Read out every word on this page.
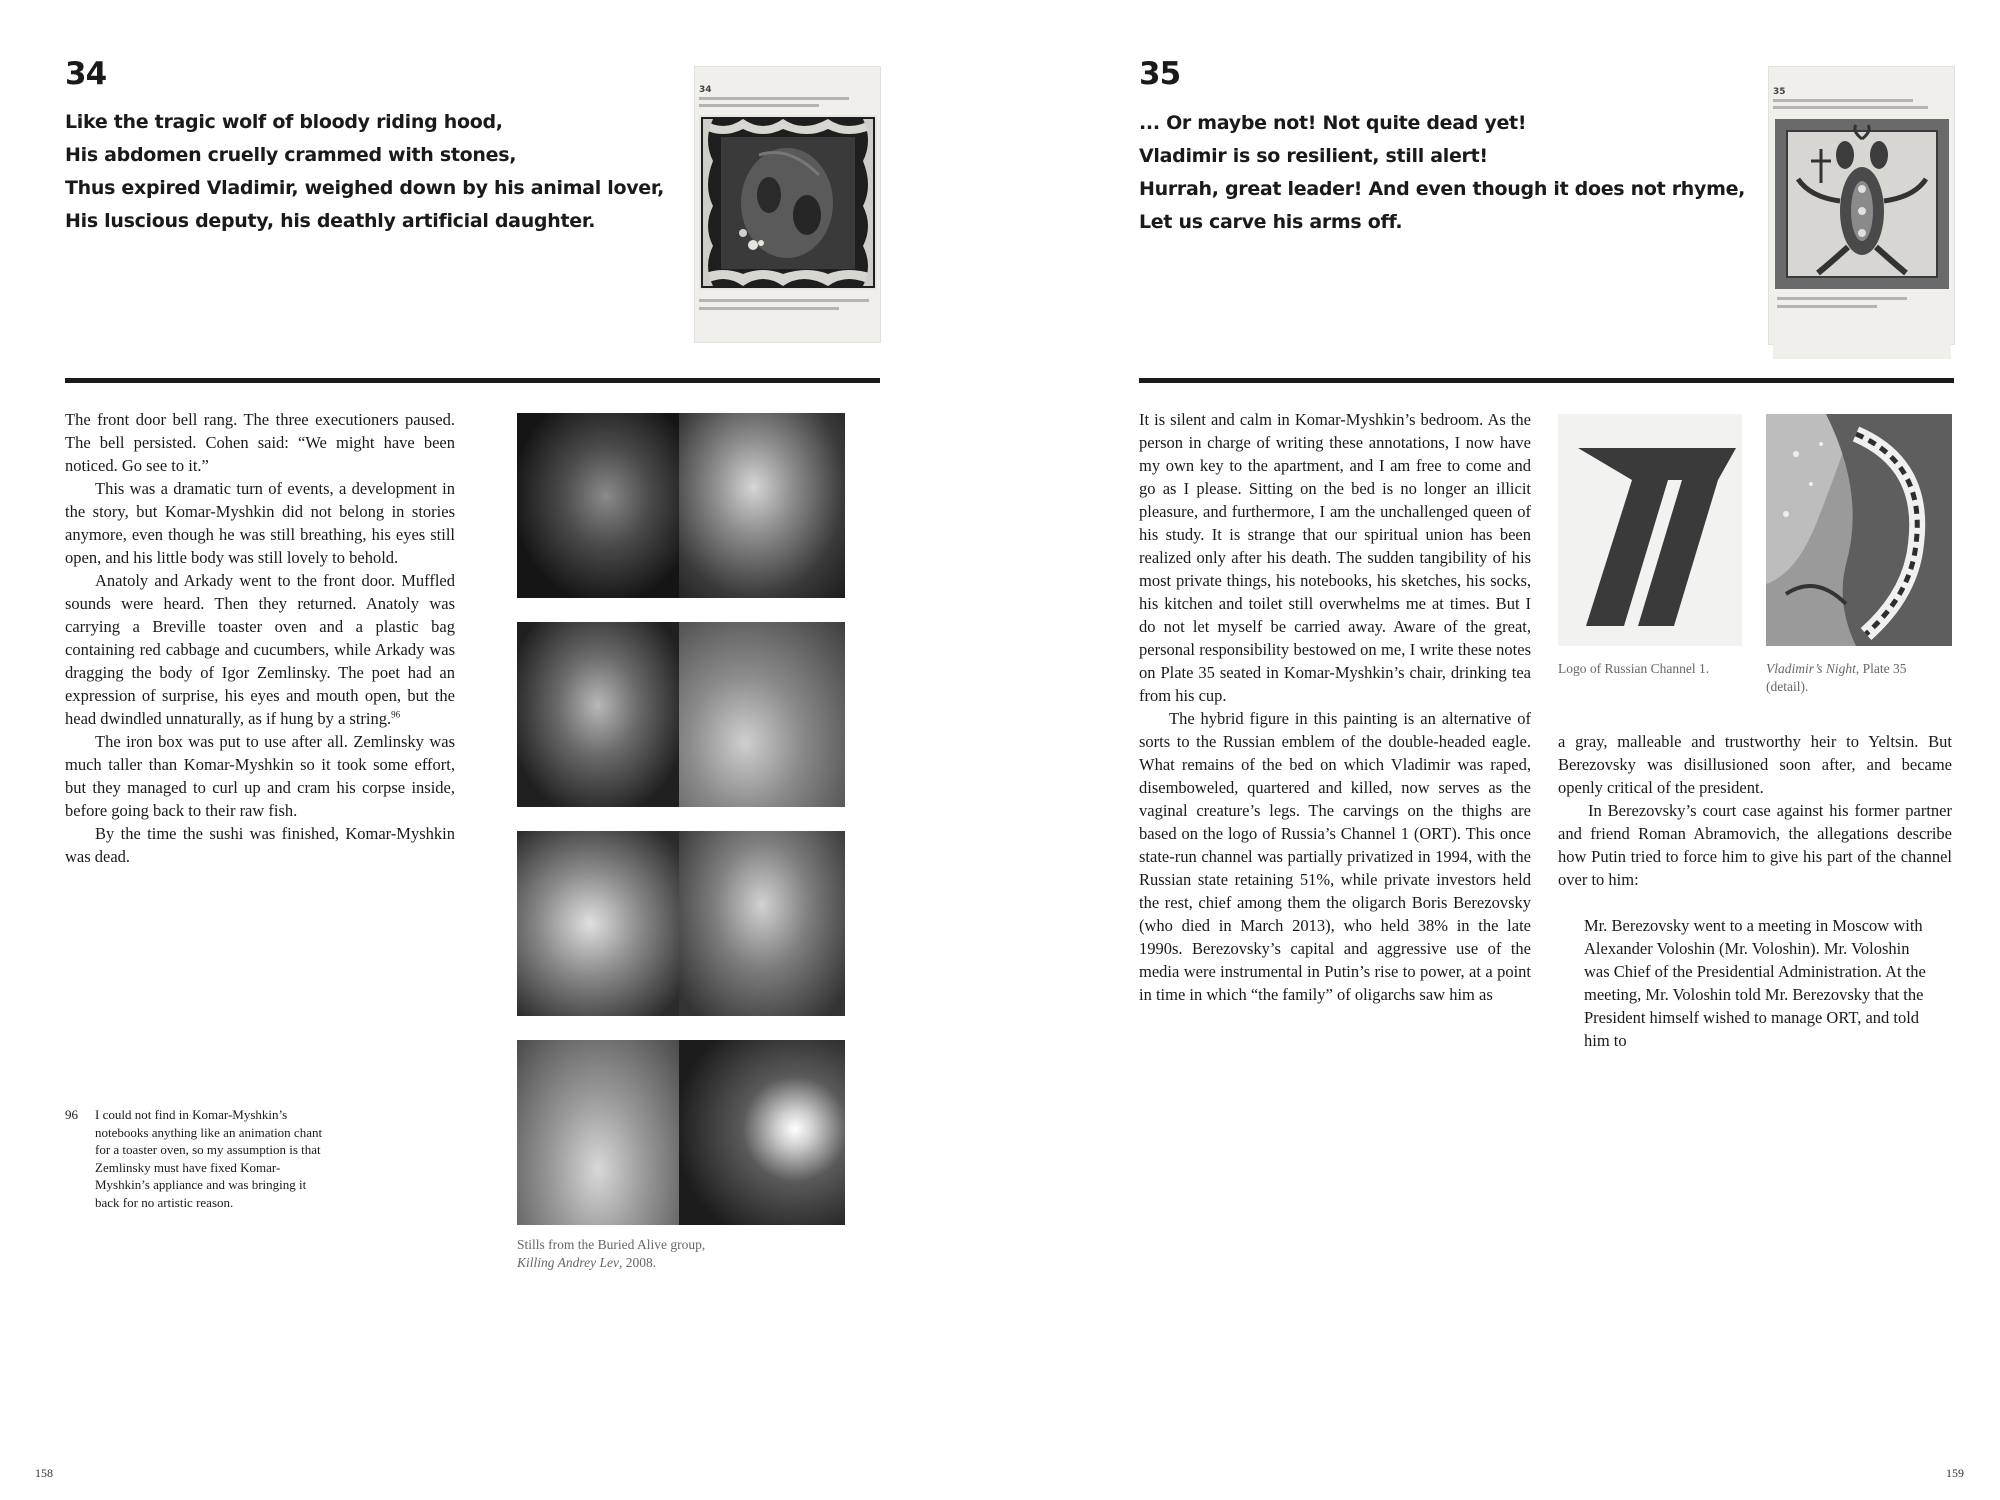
34
Like the tragic wolf of bloody riding hood,
His abdomen cruelly crammed with stones,
Thus expired Vladimir, weighed down by his animal lover,
His luscious deputy, his deathly artificial daughter.
34

The front door bell rang. The three executioners paused. The bell persisted. Cohen said: “We might have been noticed. Go see to it.”

This was a dramatic turn of events, a development in the story, but Komar-Myshkin did not belong in stories anymore, even though he was still breathing, his eyes still open, and his little body was still lovely to behold.

Anatoly and Arkady went to the front door. Muffled sounds were heard. Then they returned. Anatoly was carrying a Breville toaster oven and a plastic bag containing red cabbage and cucumbers, while Arkady was dragging the body of Igor Zemlinsky. The poet had an expression of surprise, his eyes and mouth open, but the head dwindled unnaturally, as if hung by a string.$^{96}$

The iron box was put to use after all. Zemlinsky was much taller than Komar-Myshkin so it took some effort, but they managed to curl up and cram his corpse inside, before going back to their raw fish.

By the time the sushi was finished, Komar-Myshkin was dead.

96	I could not find in Komar-Myshkin’s notebooks anything like an animation chant for a toaster oven, so my assumption is that Zemlinsky must have fixed Komar-Myshkin’s appliance and was bringing it back for no artistic reason.
Stills from the Buried Alive group,
Killing Andrey Lev, 2008.
158
35
... Or maybe not! Not quite dead yet!
Vladimir is so resilient, still alert!
Hurrah, great leader! And even though it does not rhyme,
Let us carve his arms off.
35

It is silent and calm in Komar-Myshkin’s bedroom. As the person in charge of writing these annotations, I now have my own key to the apartment, and I am free to come and go as I please. Sitting on the bed is no longer an illicit pleasure, and furthermore, I am the unchallenged queen of his study. It is strange that our spiritual union has been realized only after his death. The sudden tangibility of his most private things, his notebooks, his sketches, his socks, his kitchen and toilet still overwhelms me at times. But I do not let myself be carried away. Aware of the great, personal responsibility bestowed on me, I write these notes on Plate 35 seated in Komar-Myshkin’s chair, drinking tea from his cup.

The hybrid figure in this painting is an alternative of sorts to the Russian emblem of the double-headed eagle. What remains of the bed on which Vladimir was raped, disemboweled, quartered and killed, now serves as the vaginal creature’s legs. The carvings on the thighs are based on the logo of Russia’s Channel 1 (ORT). This once state-run channel was partially privatized in 1994, with the Russian state retaining 51%, while private investors held the rest, chief among them the oligarch Boris Berezovsky (who died in March 2013), who held 38% in the late 1990s. Berezovsky’s capital and aggressive use of the media were instrumental in Putin’s rise to power, at a point in time in which “the family” of oligarchs saw him as

Logo of Russian Channel 1.	Vladimir’s Night, Plate 35
(detail).

a gray, malleable and trustworthy heir to Yeltsin. But Berezovsky was disillusioned soon after, and became openly critical of the president.

In Berezovsky’s court case against his former partner and friend Roman Abramovich, the allegations describe how Putin tried to force him to give his part of the channel over to him:

Mr. Berezovsky went to a meeting in Moscow with Alexander Voloshin (Mr. Voloshin). Mr. Voloshin was Chief of the Presidential Administration. At the meeting, Mr. Voloshin told Mr. Berezovsky that the President himself wished to manage ORT, and told him to
159
